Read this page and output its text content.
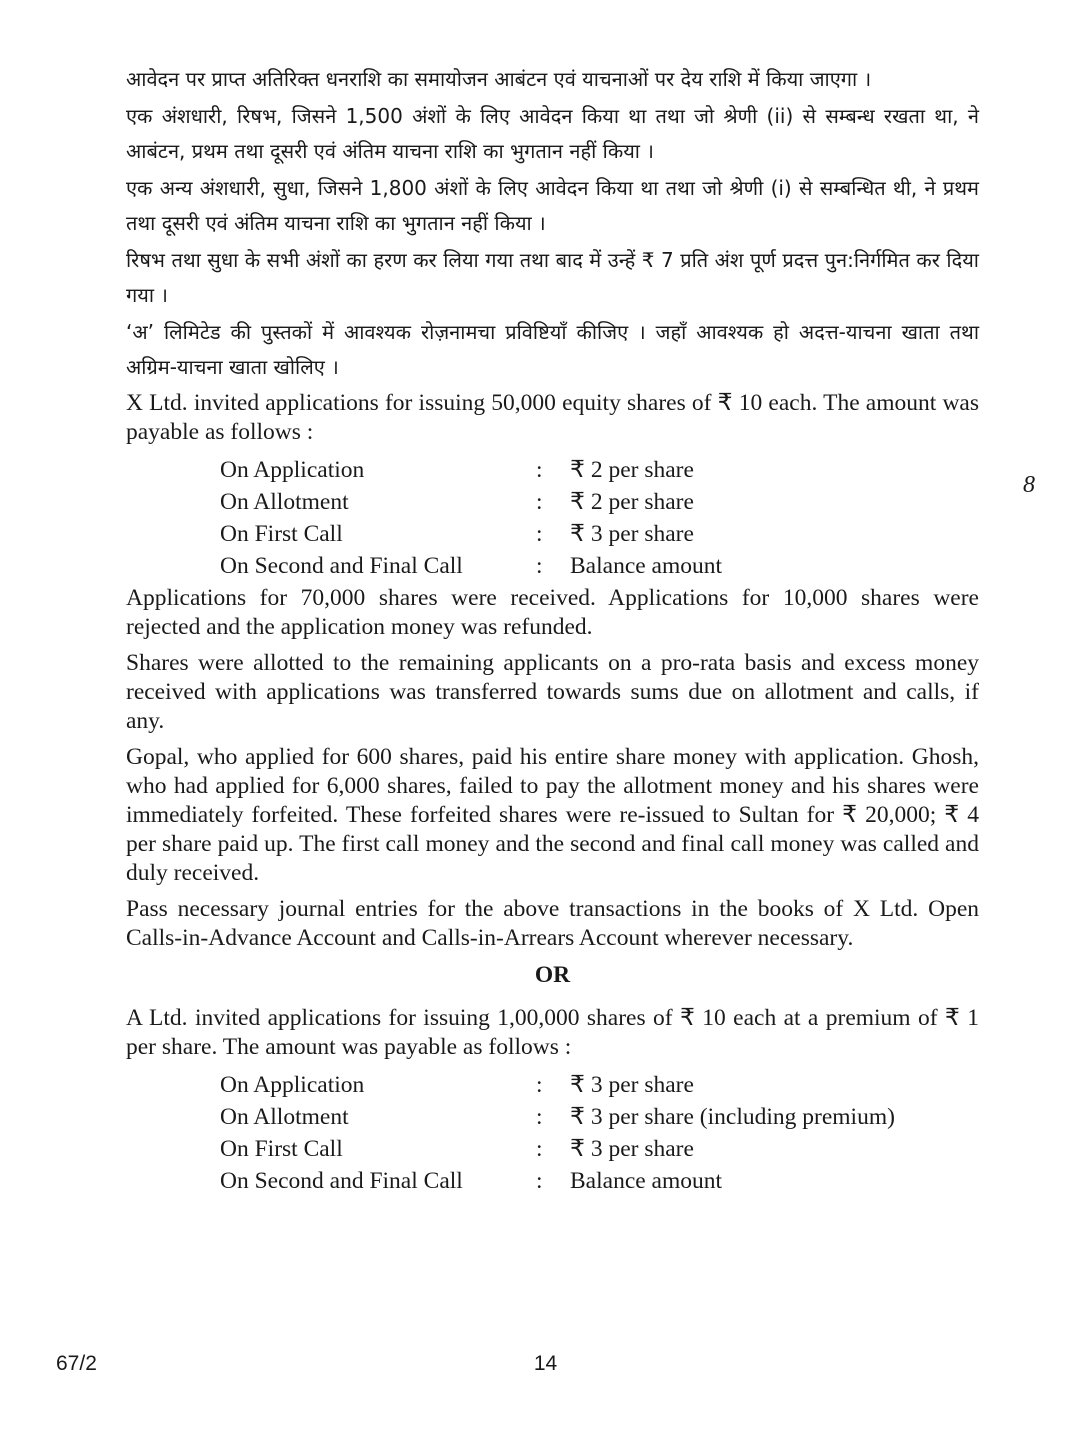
आवेदन पर प्राप्त अतिरिक्त धनराशि का समायोजन आबंटन एवं याचनाओं पर देय राशि में किया जाएगा ।

एक अंशधारी, रिषभ, जिसने 1,500 अंशों के लिए आवेदन किया था तथा जो श्रेणी (ii) से सम्बन्ध रखता था, ने आबंटन, प्रथम तथा दूसरी एवं अंतिम याचना राशि का भुगतान नहीं किया ।

एक अन्य अंशधारी, सुधा, जिसने 1,800 अंशों के लिए आवेदन किया था तथा जो श्रेणी (i) से सम्बन्धित थी, ने प्रथम तथा दूसरी एवं अंतिम याचना राशि का भुगतान नहीं किया ।

रिषभ तथा सुधा के सभी अंशों का हरण कर लिया गया तथा बाद में उन्हें ₹ 7 प्रति अंश पूर्ण प्रदत्त पुन:निर्गमित कर दिया गया ।

‘अ’ लिमिटेड की पुस्तकों में आवश्यक रोज़नामचा प्रविष्टियाँ कीजिए । जहाँ आवश्यक हो अदत्त-याचना खाता तथा अग्रिम-याचना खाता खोलिए ।

X Ltd. invited applications for issuing 50,000 equity shares of ₹ 10 each. The amount was payable as follows :

On Application	:	₹ 2 per share
On Allotment	:	₹ 2 per share
On First Call	:	₹ 3 per share
On Second and Final Call	:	Balance amount

Applications for 70,000 shares were received. Applications for 10,000 shares were rejected and the application money was refunded.

Shares were allotted to the remaining applicants on a pro-rata basis and excess money received with applications was transferred towards sums due on allotment and calls, if any.

Gopal, who applied for 600 shares, paid his entire share money with application. Ghosh, who had applied for 6,000 shares, failed to pay the allotment money and his shares were immediately forfeited. These forfeited shares were re-issued to Sultan for ₹ 20,000; ₹ 4 per share paid up. The first call money and the second and final call money was called and duly received.

Pass necessary journal entries for the above transactions in the books of X Ltd. Open Calls-in-Advance Account and Calls-in-Arrears Account wherever necessary.

OR

A Ltd. invited applications for issuing 1,00,000 shares of ₹ 10 each at a premium of ₹ 1 per share. The amount was payable as follows :

On Application	:	₹ 3 per share
On Allotment	:	₹ 3 per share (including premium)
On First Call	:	₹ 3 per share
On Second and Final Call	:	Balance amount
8
67/2	14
